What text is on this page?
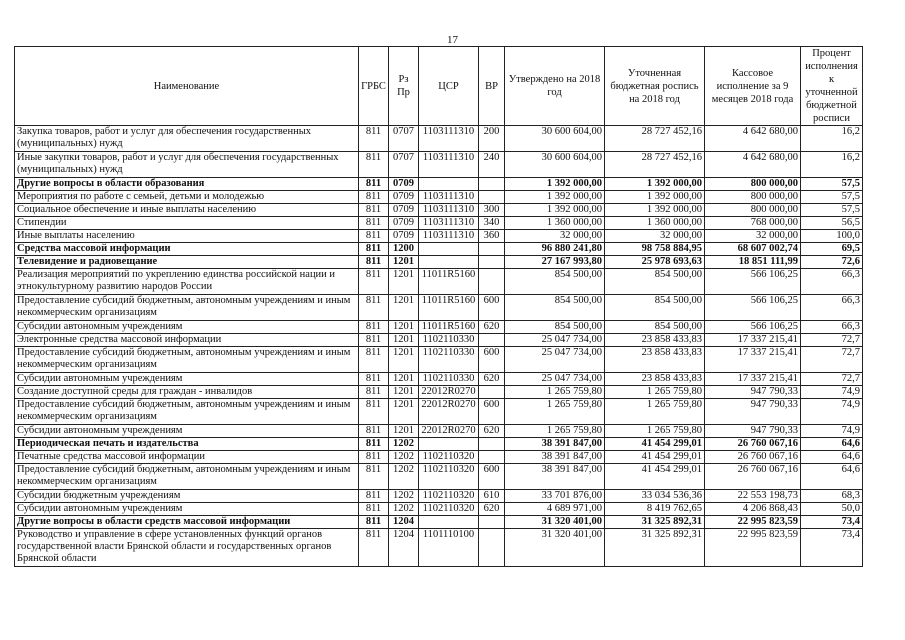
17
Наименование	ГРБС	Рз Пр	ЦСР	ВР	Утверждено на 2018 год	Уточненная бюджетная роспись на 2018 год	Кассовое исполнение за 9 месяцев 2018 года	Процент исполнения к уточненной бюджетной росписи
Закупка товаров, работ и услуг для обеспечения государственных (муниципальных) нужд	811	0707	1103111310	200	30 600 604,00	28 727 452,16	4 642 680,00	16,2
Иные закупки товаров, работ и услуг для обеспечения государственных (муниципальных) нужд	811	0707	1103111310	240	30 600 604,00	28 727 452,16	4 642 680,00	16,2
Другие вопросы в области образования	811	0709			1 392 000,00	1 392 000,00	800 000,00	57,5
Мероприятия по работе с семьей, детьми и молодежью	811	0709	1103111310		1 392 000,00	1 392 000,00	800 000,00	57,5
Социальное обеспечение и иные выплаты населению	811	0709	1103111310	300	1 392 000,00	1 392 000,00	800 000,00	57,5
Стипендии	811	0709	1103111310	340	1 360 000,00	1 360 000,00	768 000,00	56,5
Иные выплаты населению	811	0709	1103111310	360	32 000,00	32 000,00	32 000,00	100,0
Средства массовой информации	811	1200			96 880 241,80	98 758 884,95	68 607 002,74	69,5
Телевидение и радиовещание	811	1201			27 167 993,80	25 978 693,63	18 851 111,99	72,6
Реализация мероприятий по укреплению единства российской нации и этнокультурному развитию народов России	811	1201	11011R5160		854 500,00	854 500,00	566 106,25	66,3
Предоставление субсидий бюджетным, автономным учреждениям и иным некоммерческим организациям	811	1201	11011R5160	600	854 500,00	854 500,00	566 106,25	66,3
Субсидии автономным учреждениям	811	1201	11011R5160	620	854 500,00	854 500,00	566 106,25	66,3
Электронные средства массовой информации	811	1201	1102110330		25 047 734,00	23 858 433,83	17 337 215,41	72,7
Предоставление субсидий бюджетным, автономным учреждениям и иным некоммерческим организациям	811	1201	1102110330	600	25 047 734,00	23 858 433,83	17 337 215,41	72,7
Субсидии автономным учреждениям	811	1201	1102110330	620	25 047 734,00	23 858 433,83	17 337 215,41	72,7
Создание доступной среды для граждан - инвалидов	811	1201	22012R0270		1 265 759,80	1 265 759,80	947 790,33	74,9
Предоставление субсидий бюджетным, автономным учреждениям и иным некоммерческим организациям	811	1201	22012R0270	600	1 265 759,80	1 265 759,80	947 790,33	74,9
Субсидии автономным учреждениям	811	1201	22012R0270	620	1 265 759,80	1 265 759,80	947 790,33	74,9
Периодическая печать и издательства	811	1202			38 391 847,00	41 454 299,01	26 760 067,16	64,6
Печатные средства массовой информации	811	1202	1102110320		38 391 847,00	41 454 299,01	26 760 067,16	64,6
Предоставление субсидий бюджетным, автономным учреждениям и иным некоммерческим организациям	811	1202	1102110320	600	38 391 847,00	41 454 299,01	26 760 067,16	64,6
Субсидии бюджетным учреждениям	811	1202	1102110320	610	33 701 876,00	33 034 536,36	22 553 198,73	68,3
Субсидии автономным учреждениям	811	1202	1102110320	620	4 689 971,00	8 419 762,65	4 206 868,43	50,0
Другие вопросы в области средств массовой информации	811	1204			31 320 401,00	31 325 892,31	22 995 823,59	73,4
Руководство и управление в сфере установленных функций органов государственной власти Брянской области и государственных органов Брянской области	811	1204	1101110100		31 320 401,00	31 325 892,31	22 995 823,59	73,4
